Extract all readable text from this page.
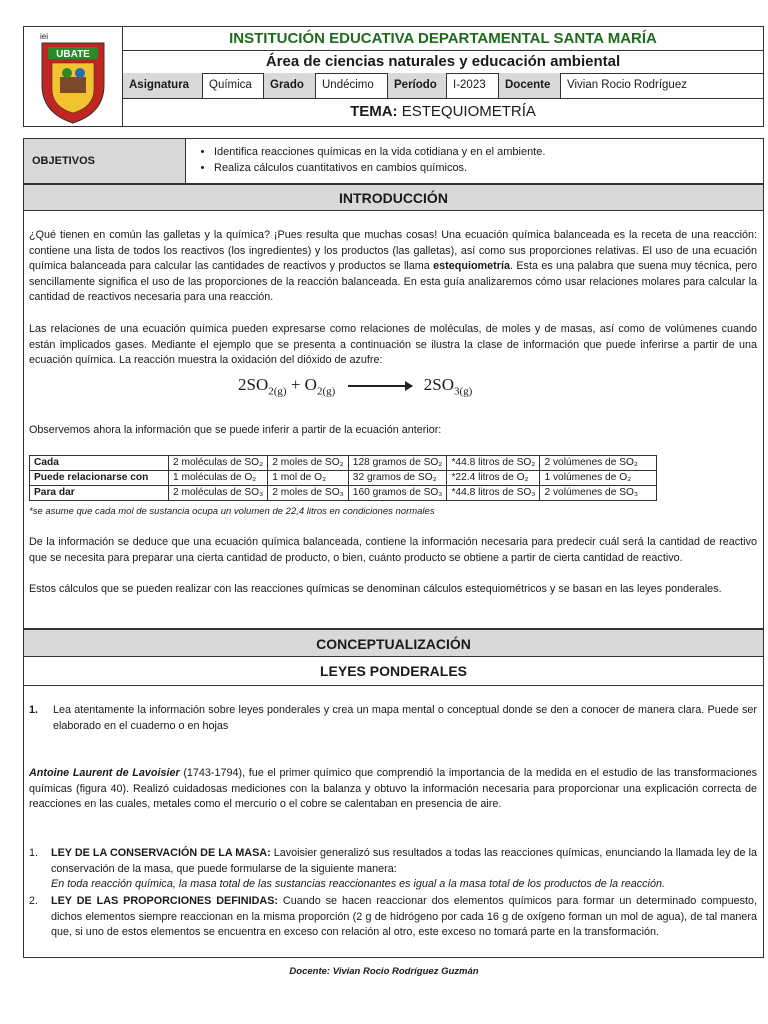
iei
UBATE
INSTITUCIÓN EDUCATIVA DEPARTAMENTAL SANTA MARÍA
Área de ciencias naturales y educación ambiental
Asignatura	Química	Grado	Undécimo	Período	I-2023	Docente	Vivian Rocio Rodríguez
TEMA: ESTEQUIOMETRÍA
OBJETIVOS
• Identifica reacciones químicas en la vida cotidiana y en el ambiente.
• Realiza cálculos cuantitativos en cambios químicos.
INTRODUCCIÓN

¿Qué tienen en común las galletas y la química? ¡Pues resulta que muchas cosas! Una ecuación química balanceada es la receta de una reacción: contiene una lista de todos los reactivos (los ingredientes) y los productos (las galletas), así como sus proporciones relativas. El uso de una ecuación química balanceada para calcular las cantidades de reactivos y productos se llama estequiometría. Esta es una palabra que suena muy técnica, pero sencillamente significa el uso de las proporciones de la reacción balanceada. En esta guía analizaremos cómo usar relaciones molares para calcular la cantidad de reactivos necesaria para una reacción.

Las relaciones de una ecuación química pueden expresarse como relaciones de moléculas, de moles y de masas, así como de volúmenes cuando están implicados gases. Mediante el ejemplo que se presenta a continuación se ilustra la clase de información que puede inferirse a partir de una ecuación química. La reacción muestra la oxidación del dióxido de azufre:

$2SO_{2(g)} + O_{2(g)} \to 2SO_{3(g)}$

Observemos ahora la información que se puede inferir a partir de la ecuación anterior:

Cada	2 moléculas de SO₂	2 moles de SO₂	128 gramos de SO₂	*44.8 litros de SO₂	2 volúmenes de SO₂
Puede relacionarse con	1 moléculas de O₂	1 mol de O₂	32 gramos de SO₂	*22.4 litros de O₂	1 volúmenes de O₂
Para dar	2 moléculas de SO₃	2 moles de SO₃	160 gramos de SO₃	*44.8 litros de SO₃	2 volúmenes de SO₃

*se asume que cada mol de sustancia ocupa un volumen de 22,4 litros en condiciones normales

De la información se deduce que una ecuación química balanceada, contiene la información necesaria para predecir cuál será la cantidad de reactivo que se necesita para preparar una cierta cantidad de producto, o bien, cuánto producto se obtiene a partir de cierta cantidad de reactivo.

Estos cálculos que se pueden realizar con las reacciones químicas se denominan cálculos estequiométricos y se basan en las leyes ponderales.

CONCEPTUALIZACIÓN
LEYES PONDERALES
1.	Lea atentamente la información sobre leyes ponderales y crea un mapa mental o conceptual donde se den a conocer de manera clara. Puede ser elaborado en el cuaderno o en hojas

Antoine Laurent de Lavoisier (1743-1794), fue el primer químico que comprendió la importancia de la medida en el estudio de las transformaciones químicas (figura 40). Realizó cuidadosas mediciones con la balanza y obtuvo la información necesaria para proporcionar una explicación correcta de reacciones en las cuales, metales como el mercurio o el cobre se calentaban en presencia de aire.

1.	LEY DE LA CONSERVACIÓN DE LA MASA: Lavoisier generalizó sus resultados a todas las reacciones químicas, enunciando la llamada ley de la conservación de la masa, que puede formularse de la siguiente manera:
En toda reacción química, la masa total de las sustancias reaccionantes es igual a la masa total de los productos de la reacción.
2.	LEY DE LAS PROPORCIONES DEFINIDAS: Cuando se hacen reaccionar dos elementos químicos para formar un determinado compuesto, dichos elementos siempre reaccionan en la misma proporción (2 g de hidrógeno por cada 16 g de oxígeno forman un mol de agua), de tal manera que, si uno de estos elementos se encuentra en exceso con relación al otro, este exceso no tomará parte en la transformación.
Docente: Vivian Rocio Rodríguez Guzmán
